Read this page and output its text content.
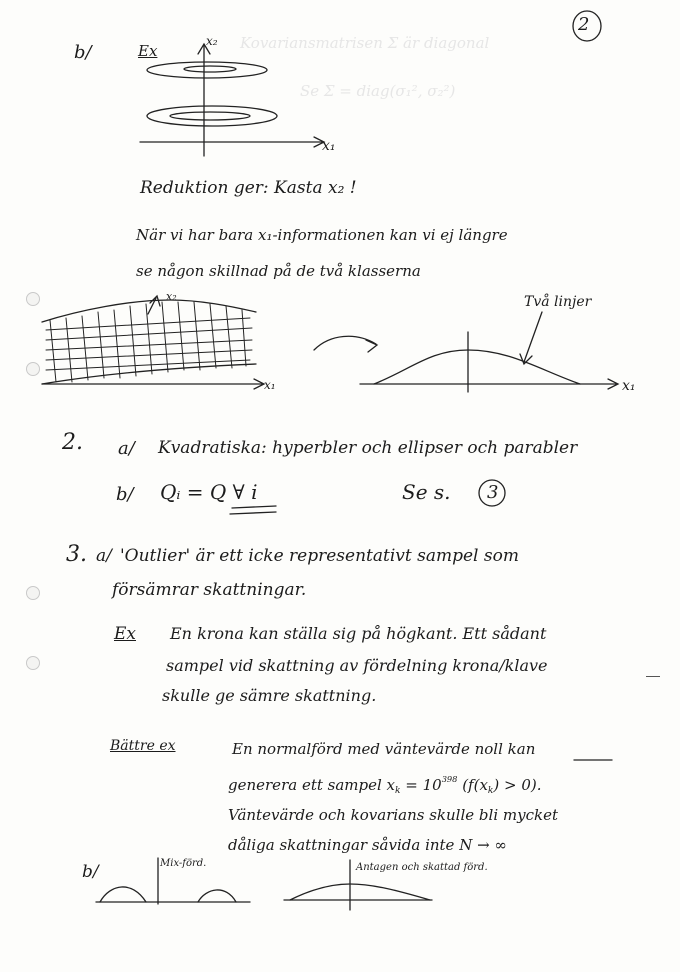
Kovariansmatrisen Σ är diagonal
Se Σ = diag(σ₁², σ₂²)
2
b/	Ex
x₂
x₁
Reduktion ger: Kasta x₂ !
När vi har bara x₁-informationen kan vi ej längre
se någon skillnad på de två klasserna
x₂
x₁
Två linjer
x₁
2. a/ Kvadratiska: hyperbler och ellipser och parabler
b/ Qᵢ = Q ∀ i	Se s. 3
3. a/ 'Outlier' är ett icke representativt sampel som
försämrar skattningar.
Ex En krona kan ställa sig på högkant. Ett sådant
sampel vid skattning av fördelning krona/klave
skulle ge sämre skattning.
Bättre ex	En normalförd med väntevärde noll kan
generera ett sampel $x_k = 10^{398}$ $(f(x_k) > 0)$.
Väntevärde och kovarians skulle bli mycket
dåliga skattningar såvida inte N → ∞
b/	Mix-förd.	Antagen och skattad förd.
